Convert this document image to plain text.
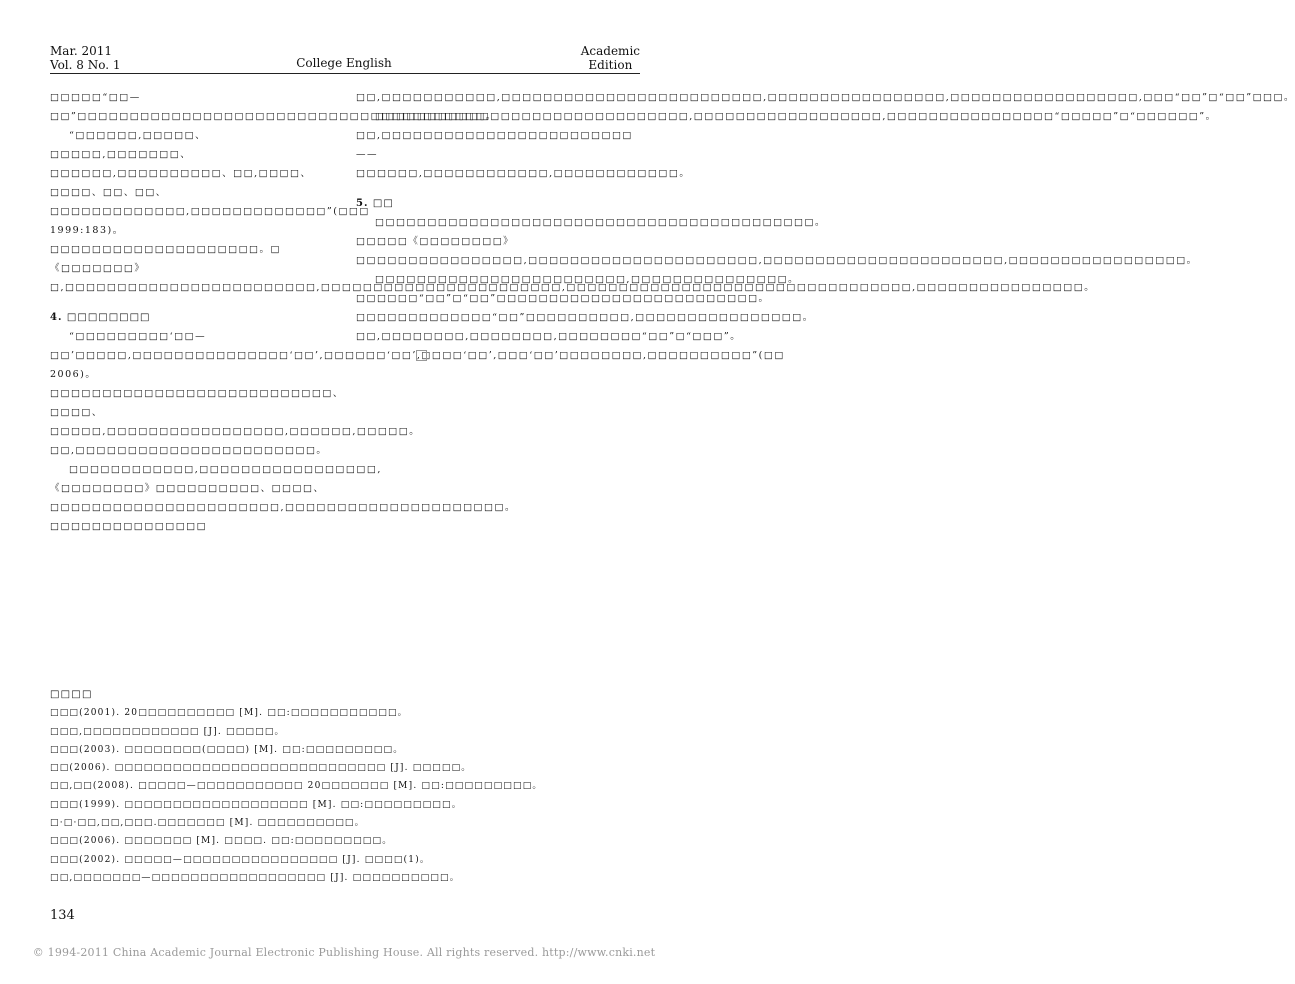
Mar. 2011
Vol. 8 No. 1	College English
Academic
Edition

□□□□□“□□—□□”□□□□□□□□□□□□□□□□□□□□□□□□□□□□□□□□□□□□□□□。

“□□□□□□,□□□□□、□□□□□,□□□□□□□、□□□□□□,□□□□□□□□□□、□□,□□□□、□□□□、□□、□□、□□□□□□□□□□□□□,□□□□□□□□□□□□□”(□□□ 1999:183)。□□□□□□□□□□□□□□□□□□□□。□《□□□□□□□》□,□□□□□□□□□□□□□□□□□□□□□□□□,□□□□□□□□□□□□□□□□□□□□□□□,□□□□□□□□□□□□□□□□□□□□□□□□□□□□□□□□□,□□□□□□□□□□□□□□□□。

4. □□□□□□□□

“□□□□□□□□□‘□□—□□’□□□□□,□□□□□□□□□□□□□□□‘□□’,□□□□□□‘□□’,□□□□‘□□’,□□□‘□□’□□□□□□□□,□□□□□□□□□□”(□□ 2006)。□□□□□□□□□□□□□□□□□□□□□□□□□□□、□□□□、□□□□□,□□□□□□□□□□□□□□□□□,□□□□□□,□□□□□。□□,□□□□□□□□□□□□□□□□□□□□□□□。

□□□□□□□□□□□□,□□□□□□□□□□□□□□□□□,《□□□□□□□□》□□□□□□□□□□、□□□□、□□□□□□□□□□□□□□□□□□□□□□,□□□□□□□□□□□□□□□□□□□□□。□□□□□□□□□□□□□□□

□□,□□□□□□□□□□□,□□□□□□□□□□□□□□□□□□□□□□□□□,□□□□□□□□□□□□□□□□□,□□□□□□□□□□□□□□□□□□,□□□“□□”□“□□”□□□。

□□□□□□□□□□□□□□□□□□□□□□□□□□□□□□,□□□□□□□□□□□□□□□□□□,□□□□□□□□□□□□□□□□“□□□□□”□“□□□□□□”。□□,□□□□□□□□□□□□□□□□□□□□□□□□——□□□□□□,□□□□□□□□□□□□,□□□□□□□□□□□□。

5. □□

□□□□□□□□□□□□□□□□□□□□□□□□□□□□□□□□□□□□□□□□□□。□□□□□《□□□□□□□□》□□□□□□□□□□□□□□□□,□□□□□□□□□□□□□□□□□□□□□□,□□□□□□□□□□□□□□□□□□□□□□□,□□□□□□□□□□□□□□□□□。

□□□□□□□□□□□□□□□□□□□□□□□□,□□□□□□□□□□□□□□□。□□□□□□“□□”□“□□”□□□□□□□□□□□□□□□□□□□□□□□□□。□□□□□□□□□□□□□“□□”□□□□□□□□□□,□□□□□□□□□□□□□□□□。□□,□□□□□□□□,□□□□□□□□,□□□□□□□□“□□”□“□□□”。

□□□□
□□□(2001). 20□□□□□□□□□□ [M]. □□:□□□□□□□□□□□。
□□□,□□□□□□□□□□□□ [J]. □□□□□。
□□□(2003). □□□□□□□□(□□□□) [M]. □□:□□□□□□□□□。
□□(2006). □□□□□□□□□□□□□□□□□□□□□□□□□□□□ [J]. □□□□□。
□□,□□(2008). □□□□□—□□□□□□□□□□□ 20□□□□□□□ [M]. □□:□□□□□□□□□。
□□□(1999). □□□□□□□□□□□□□□□□□□□ [M]. □□:□□□□□□□□□。
□·□·□□,□□,□□□.□□□□□□□ [M]. □□□□□□□□□□。
□□□(2006). □□□□□□□ [M]. □□□□. □□:□□□□□□□□□。
□□□(2002). □□□□□—□□□□□□□□□□□□□□□□ [J]. □□□□(1)。
□□,□□□□□□□—□□□□□□□□□□□□□□□□□□ [J]. □□□□□□□□□□。
134
© 1994-2011 China Academic Journal Electronic Publishing House. All rights reserved. http://www.cnki.net
